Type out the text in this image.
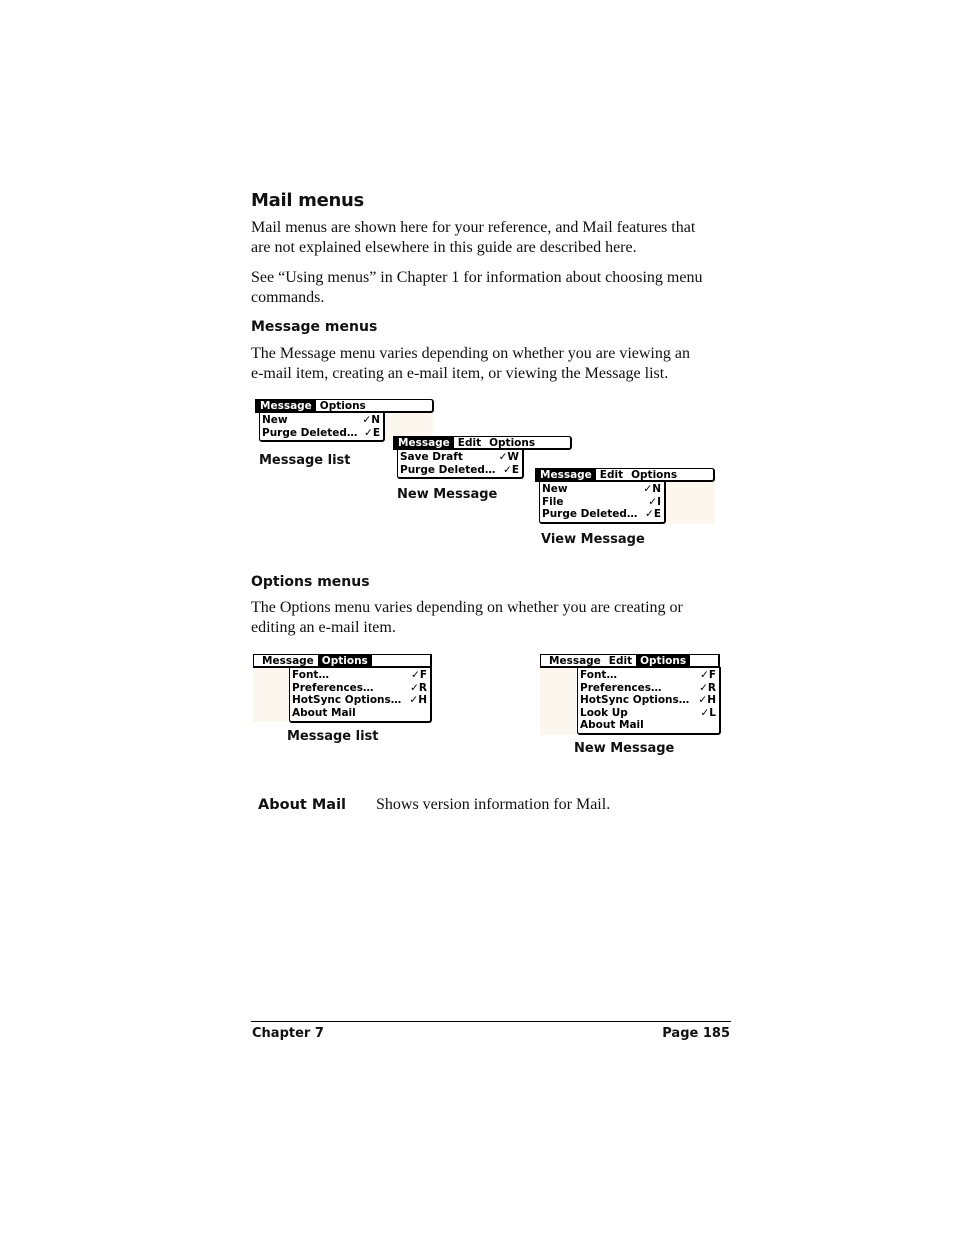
Mail menus
Mail menus are shown here for your reference, and Mail features that
are not explained elsewhere in this guide are described here.
See “Using menus” in Chapter 1 for information about choosing menu
commands.
Message menus
The Message menu varies depending on whether you are viewing an
e-mail item, creating an e-mail item, or viewing the Message list.
Message Options
New	✓N
Purge Deleted… ✓E
Message list
Message Edit Options
Save Draft	✓W
Purge Deleted… ✓E
New Message
Message Edit Options
New	✓N
File	✓I
Purge Deleted… ✓E
View Message
Options menus
The Options menu varies depending on whether you are creating or
editing an e-mail item.
Message Options
Font…	✓F
Preferences…	✓R
HotSync Options… ✓H
About Mail
Message list
Message Edit Options
Font…	✓F
Preferences…	✓R
HotSync Options… ✓H
Look Up	✓L
About Mail
New Message
About Mail Shows version information for Mail.
Chapter 7	Page 185
